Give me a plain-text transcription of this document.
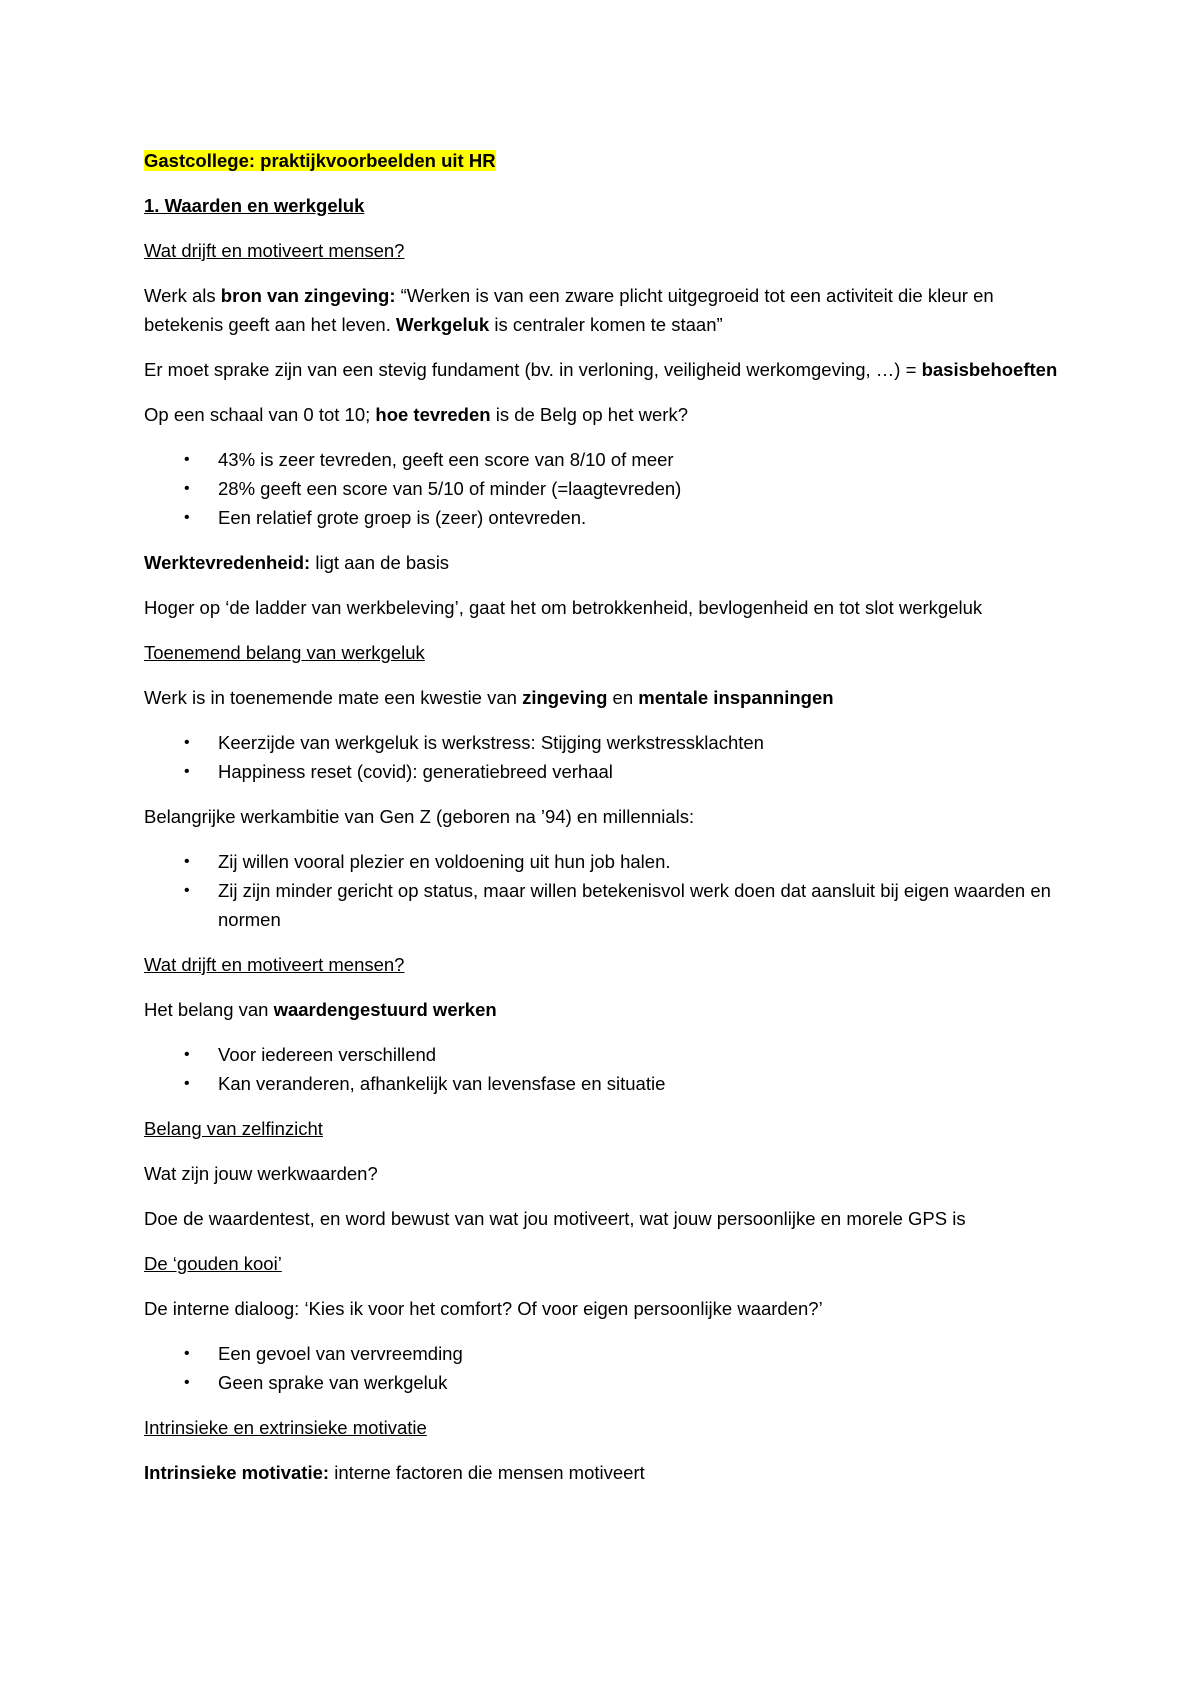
Gastcollege: praktijkvoorbeelden uit HR

1. Waarden en werkgeluk

Wat drijft en motiveert mensen?

Werk als bron van zingeving: “Werken is van een zware plicht uitgegroeid tot een activiteit die kleur en betekenis geeft aan het leven. Werkgeluk is centraler komen te staan”

Er moet sprake zijn van een stevig fundament (bv. in verloning, veiligheid werkomgeving, …) = basisbehoeften

Op een schaal van 0 tot 10; hoe tevreden is de Belg op het werk?

• 43% is zeer tevreden, geeft een score van 8/10 of meer
• 28% geeft een score van 5/10 of minder (=laagtevreden)
• Een relatief grote groep is (zeer) ontevreden.

Werktevredenheid: ligt aan de basis

Hoger op ‘de ladder van werkbeleving’, gaat het om betrokkenheid, bevlogenheid en tot slot werkgeluk

Toenemend belang van werkgeluk

Werk is in toenemende mate een kwestie van zingeving en mentale inspanningen

• Keerzijde van werkgeluk is werkstress: Stijging werkstressklachten
• Happiness reset (covid): generatiebreed verhaal

Belangrijke werkambitie van Gen Z (geboren na ’94) en millennials:

• Zij willen vooral plezier en voldoening uit hun job halen.
• Zij zijn minder gericht op status, maar willen betekenisvol werk doen dat aansluit bij eigen waarden en normen

Wat drijft en motiveert mensen?

Het belang van waardengestuurd werken

• Voor iedereen verschillend
• Kan veranderen, afhankelijk van levensfase en situatie

Belang van zelfinzicht

Wat zijn jouw werkwaarden?

Doe de waardentest, en word bewust van wat jou motiveert, wat jouw persoonlijke en morele GPS is

De ‘gouden kooi’

De interne dialoog: ‘Kies ik voor het comfort? Of voor eigen persoonlijke waarden?’

• Een gevoel van vervreemding
• Geen sprake van werkgeluk

Intrinsieke en extrinsieke motivatie

Intrinsieke motivatie: interne factoren die mensen motiveert
